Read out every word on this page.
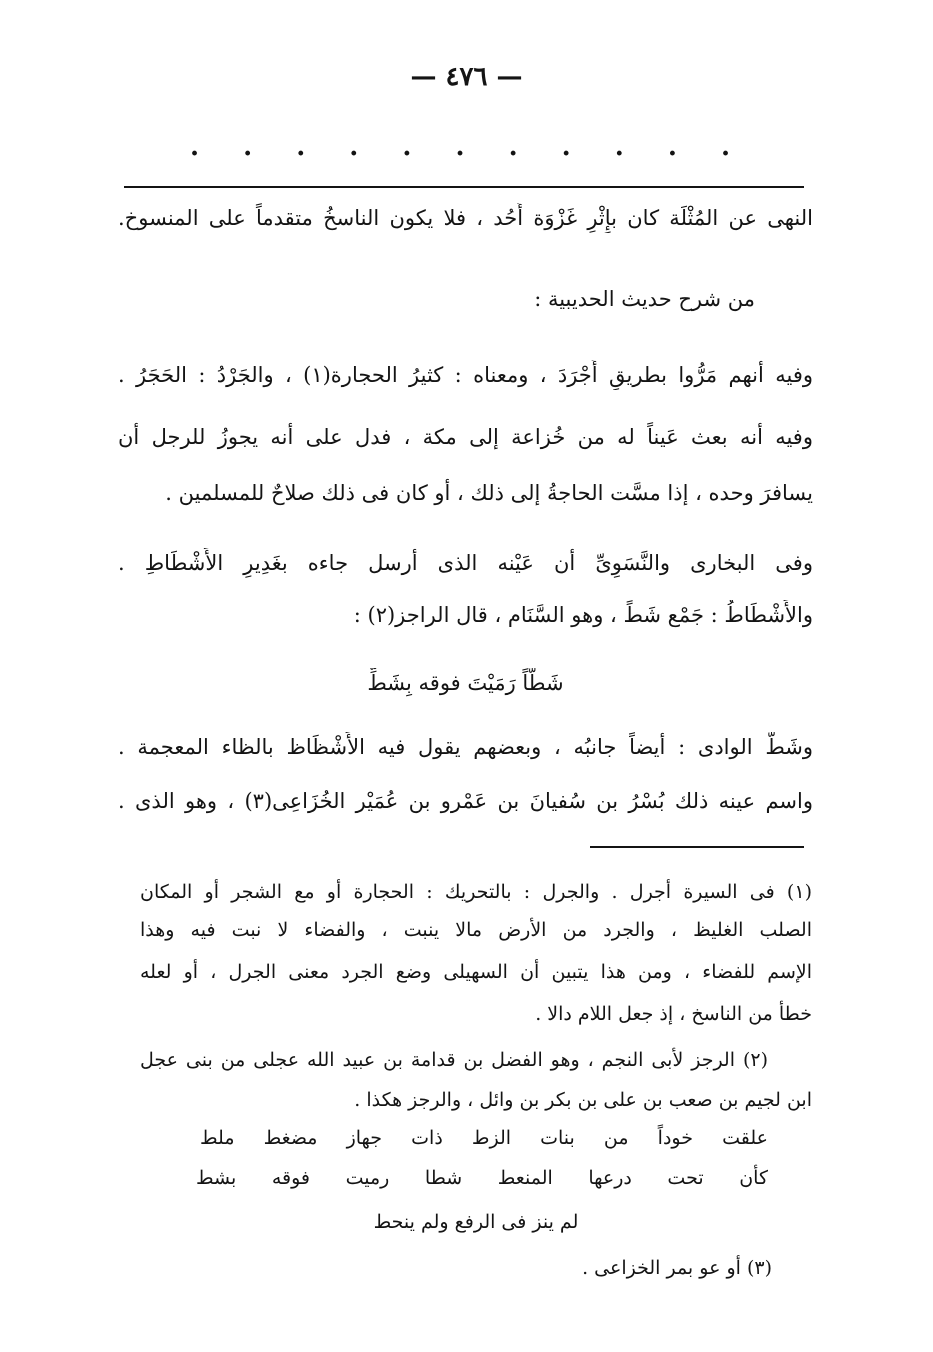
— ٤٧٦ —
. . . . . . . . . . .
النهى عن المُثْلَة كان بإِثْرِ غَزْوَة أُحُد ، فلا يكون الناسخُ متقدماً على المنسوخ.
من شرح حديث الحديبية :
وفيه أنهم مَرُّوا بطريقٍ أَجْرَدَ ، ومعناه : كثيرُ الحجارة(١) ، والجَرْدُ : الحَجَرُ .
وفيه أنه بعث عَيناً له من خُزاعة إلى مكة ، فدل على أنه يجوزُ للرجل أن
يسافرَ وحده ، إذا مسَّت الحاجةُ إلى ذلك ، أو كان فى ذلك صلاحٌ للمسلمين .
وفى البخارى والنَّسَوِىِّ أن عَيْنه الذى أرسل جاءه بغَدِيرِ الأَشْطَاطِ .
والأَشْطَاطُ : جَمْع شَطٍّ ، وهو السَّنَام ، قال الراجز(٢) :
شَطّاً رَمَيْتَ فوقه بِشَطِّ
وشَطُّ الوادى : أيضاً جانبُه ، وبعضهم يقول فيه الأَشْظَاظ بالظاء المعجمة .
واسم عينه ذلك بُسْرُ بن سُفيانَ بن عَمْرو بن عُمَيْر الخُزَاعِى(٣) ، وهو الذى .
(١) فى السيرة أجرل . والجرل : بالتحريك : الحجارة أو مع الشجر أو المكان
الصلب الغليظ ، والجرد من الأرض مالا ينبت ، والفضاء لا نبت فيه وهذا
الإسم للفضاء ، ومن هذا يتبين أن السهيلى وضع الجرد معنى الجرل ، أو لعله
خطأ من الناسخ ، إذ جعل اللام دالا .
(٢) الرجز لأبى النجم ، وهو الفضل بن قدامة بن عبيد الله عجلى من بنى عجل
ابن لجيم بن صعب بن على بن بكر بن وائل ، والرجز هكذا .
علقت خوداً من بنات الزط ذات جهاز مضغط ملط
كأن تحت درعها المنعط شطا رميت فوقه بشط
لم ينز فى الرفع ولم ينحط
(٣) أو عو بمر الخزاعى .
